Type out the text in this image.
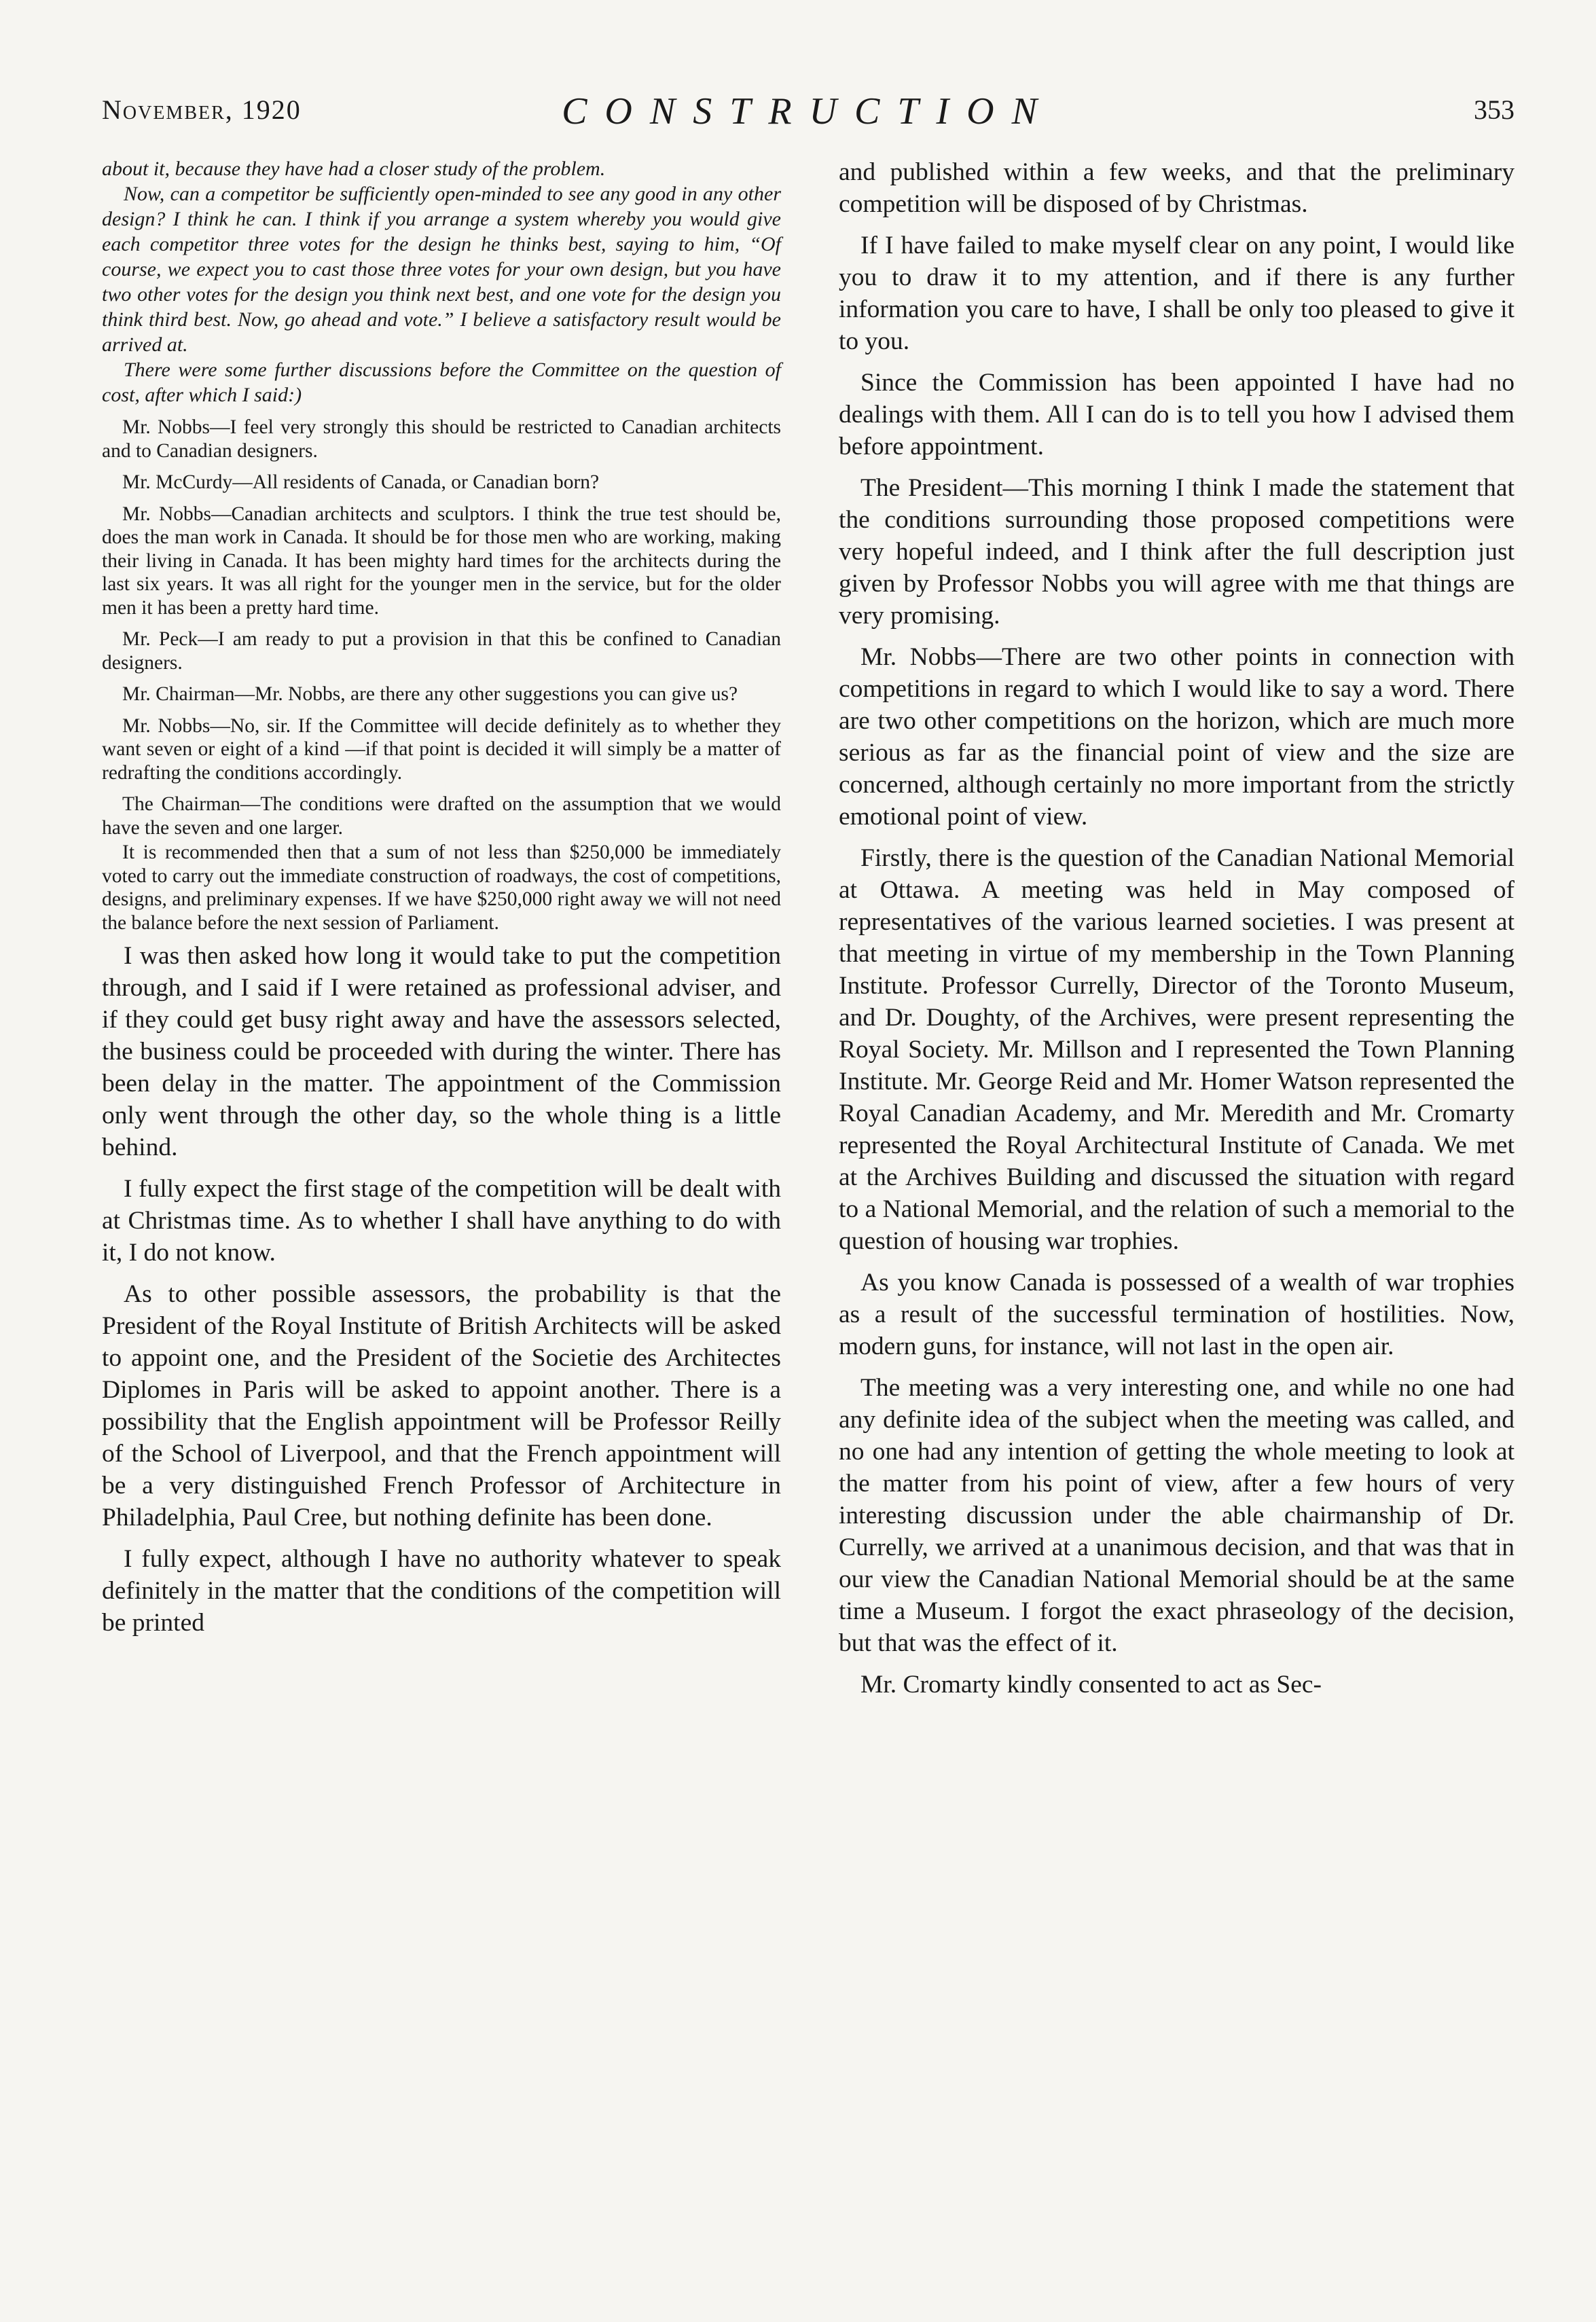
November, 1920	CONSTRUCTION	353

about it, because they have had a closer study of the problem.

Now, can a competitor be sufficiently open-minded to see any good in any other design? I think he can. I think if you arrange a system whereby you would give each competitor three votes for the design he thinks best, saying to him, “Of course, we expect you to cast those three votes for your own design, but you have two other votes for the design you think next best, and one vote for the design you think third best. Now, go ahead and vote.” I believe a satisfactory result would be arrived at.

There were some further discussions before the Committee on the question of cost, after which I said:)

Mr. Nobbs—I feel very strongly this should be restricted to Canadian architects and to Canadian designers.

Mr. McCurdy—All residents of Canada, or Canadian born?

Mr. Nobbs—Canadian architects and sculptors. I think the true test should be, does the man work in Canada. It should be for those men who are working, making their living in Canada. It has been mighty hard times for the architects during the last six years. It was all right for the younger men in the service, but for the older men it has been a pretty hard time.

Mr. Peck—I am ready to put a provision in that this be confined to Canadian designers.

Mr. Chairman—Mr. Nobbs, are there any other suggestions you can give us?

Mr. Nobbs—No, sir. If the Committee will decide definitely as to whether they want seven or eight of a kind —if that point is decided it will simply be a matter of redrafting the conditions accordingly.

The Chairman—The conditions were drafted on the assumption that we would have the seven and one larger.

It is recommended then that a sum of not less than $250,000 be immediately voted to carry out the immediate construction of roadways, the cost of competitions, designs, and preliminary expenses. If we have $250,000 right away we will not need the balance before the next session of Parliament.

I was then asked how long it would take to put the competition through, and I said if I were retained as professional adviser, and if they could get busy right away and have the assessors selected, the business could be proceeded with during the winter. There has been delay in the matter. The appointment of the Commission only went through the other day, so the whole thing is a little behind.

I fully expect the first stage of the competition will be dealt with at Christmas time. As to whether I shall have anything to do with it, I do not know.

As to other possible assessors, the probability is that the President of the Royal Institute of British Architects will be asked to appoint one, and the President of the Societie des Architectes Diplomes in Paris will be asked to appoint another. There is a possibility that the English appointment will be Professor Reilly of the School of Liverpool, and that the French appointment will be a very distinguished French Professor of Architecture in Philadelphia, Paul Cree, but nothing definite has been done.

I fully expect, although I have no authority whatever to speak definitely in the matter that the conditions of the competition will be printed

and published within a few weeks, and that the preliminary competition will be disposed of by Christmas.

If I have failed to make myself clear on any point, I would like you to draw it to my attention, and if there is any further information you care to have, I shall be only too pleased to give it to you.

Since the Commission has been appointed I have had no dealings with them. All I can do is to tell you how I advised them before appointment.

The President—This morning I think I made the statement that the conditions surrounding those proposed competitions were very hopeful indeed, and I think after the full description just given by Professor Nobbs you will agree with me that things are very promising.

Mr. Nobbs—There are two other points in connection with competitions in regard to which I would like to say a word. There are two other competitions on the horizon, which are much more serious as far as the financial point of view and the size are concerned, although certainly no more important from the strictly emotional point of view.

Firstly, there is the question of the Canadian National Memorial at Ottawa. A meeting was held in May composed of representatives of the various learned societies. I was present at that meeting in virtue of my membership in the Town Planning Institute. Professor Currelly, Director of the Toronto Museum, and Dr. Doughty, of the Archives, were present representing the Royal Society. Mr. Millson and I represented the Town Planning Institute. Mr. George Reid and Mr. Homer Watson represented the Royal Canadian Academy, and Mr. Meredith and Mr. Cromarty represented the Royal Architectural Institute of Canada. We met at the Archives Building and discussed the situation with regard to a National Memorial, and the relation of such a memorial to the question of housing war trophies.

As you know Canada is possessed of a wealth of war trophies as a result of the successful termination of hostilities. Now, modern guns, for instance, will not last in the open air.

The meeting was a very interesting one, and while no one had any definite idea of the subject when the meeting was called, and no one had any intention of getting the whole meeting to look at the matter from his point of view, after a few hours of very interesting discussion under the able chairmanship of Dr. Currelly, we arrived at a unanimous decision, and that was that in our view the Canadian National Memorial should be at the same time a Museum. I forgot the exact phraseology of the decision, but that was the effect of it.

Mr. Cromarty kindly consented to act as Sec-
